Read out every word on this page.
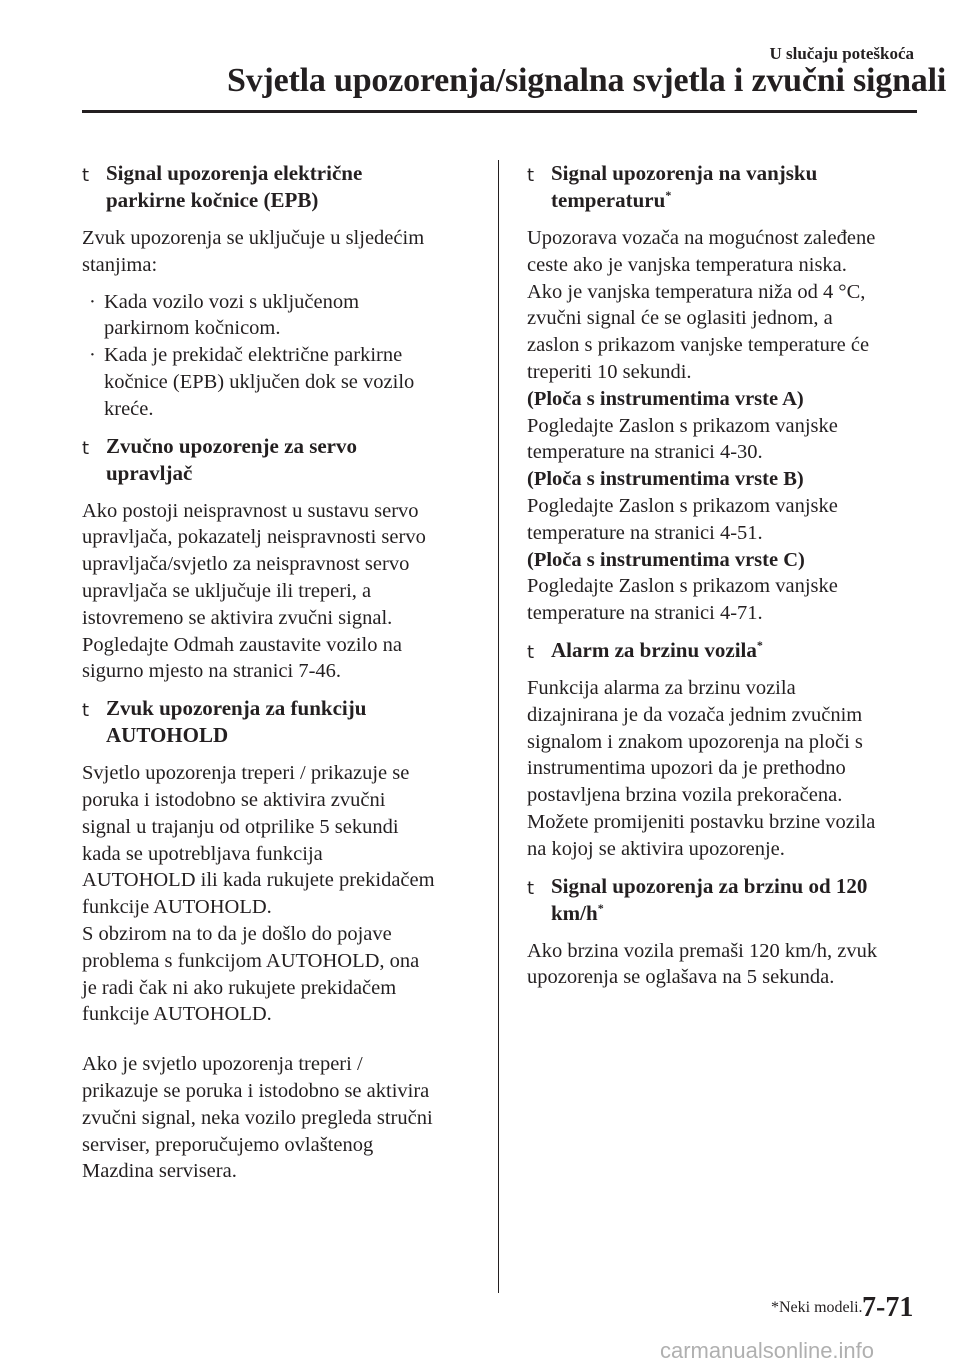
U slučaju poteškoća
Svjetla upozorenja/signalna svjetla i zvučni signali
t Signal upozorenja električne
parkirne kočnice (EPB)
Zvuk upozorenja se uključuje u sljedećim
stanjima:
· Kada vozilo vozi s uključenom
parkirnom kočnicom.
· Kada je prekidač električne parkirne
kočnice (EPB) uključen dok se vozilo
kreće.
t Zvučno upozorenje za servo
upravljač
Ako postoji neispravnost u sustavu servo
upravljača, pokazatelj neispravnosti servo
upravljača/svjetlo za neispravnost servo
upravljača se uključuje ili treperi, a
istovremeno se aktivira zvučni signal.
Pogledajte Odmah zaustavite vozilo na
sigurno mjesto na stranici 7-46.
t Zvuk upozorenja za funkciju
AUTOHOLD
Svjetlo upozorenja treperi / prikazuje se
poruka i istodobno se aktivira zvučni
signal u trajanju od otprilike 5 sekundi
kada se upotrebljava funkcija
AUTOHOLD ili kada rukujete prekidačem
funkcije AUTOHOLD.
S obzirom na to da je došlo do pojave
problema s funkcijom AUTOHOLD, ona
je radi čak ni ako rukujete prekidačem
funkcije AUTOHOLD.
Ako je svjetlo upozorenja treperi /
prikazuje se poruka i istodobno se aktivira
zvučni signal, neka vozilo pregleda stručni
serviser, preporučujemo ovlaštenog
Mazdina servisera.
t Signal upozorenja na vanjsku
temperaturu*
Upozorava vozača na mogućnost zaleđene
ceste ako je vanjska temperatura niska.
Ako je vanjska temperatura niža od 4 °C,
zvučni signal će se oglasiti jednom, a
zaslon s prikazom vanjske temperature će
treperiti 10 sekundi.
(Ploča s instrumentima vrste A)
Pogledajte Zaslon s prikazom vanjske
temperature na stranici 4-30.
(Ploča s instrumentima vrste B)
Pogledajte Zaslon s prikazom vanjske
temperature na stranici 4-51.
(Ploča s instrumentima vrste C)
Pogledajte Zaslon s prikazom vanjske
temperature na stranici 4-71.
t Alarm za brzinu vozila*
Funkcija alarma za brzinu vozila
dizajnirana je da vozača jednim zvučnim
signalom i znakom upozorenja na ploči s
instrumentima upozori da je prethodno
postavljena brzina vozila prekoračena.
Možete promijeniti postavku brzine vozila
na kojoj se aktivira upozorenje.
t Signal upozorenja za brzinu od 120
km/h*
Ako brzina vozila premaši 120 km/h, zvuk
upozorenja se oglašava na 5 sekunda.
*Neki modeli. 7-71
carmanualsonline.info
